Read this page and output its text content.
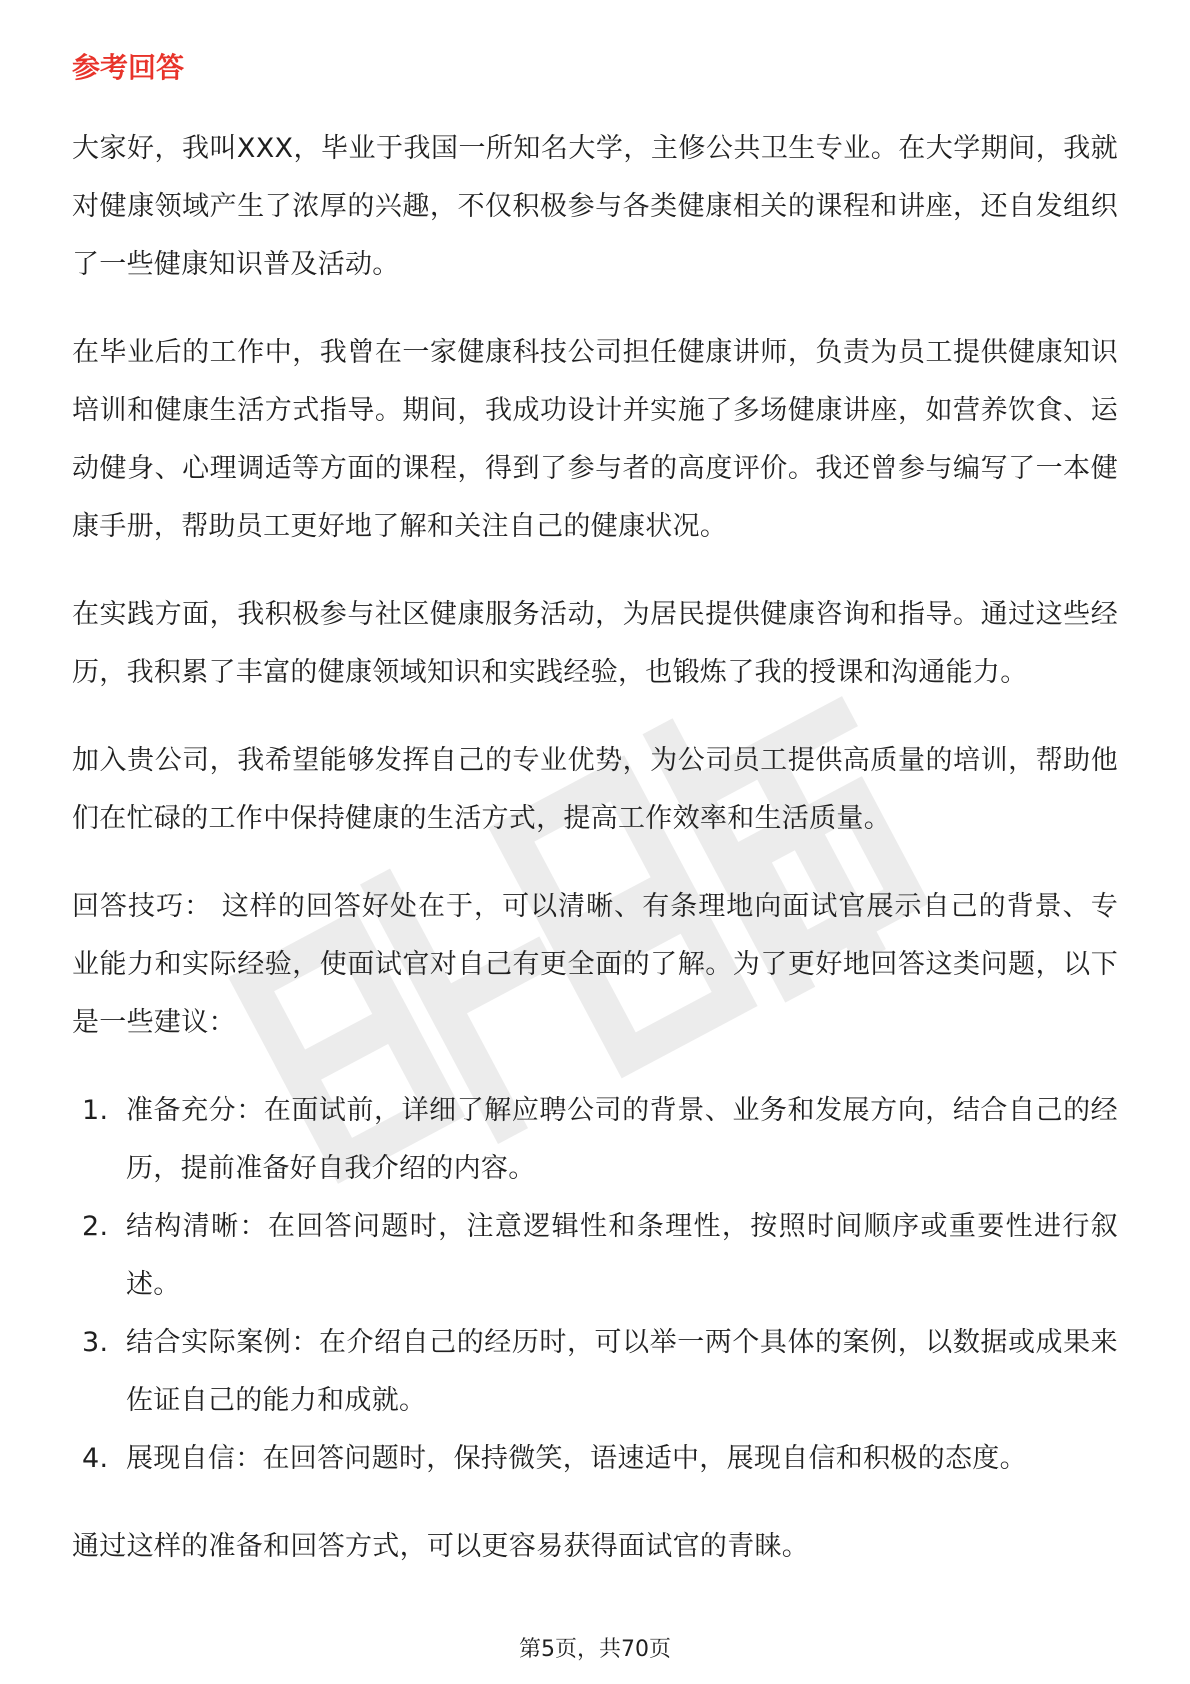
参考回答

大家好，我叫XXX，毕业于我国一所知名大学，主修公共卫生专业。在大学期间，我就对健康领域产生了浓厚的兴趣，不仅积极参与各类健康相关的课程和讲座，还自发组织了一些健康知识普及活动。

在毕业后的工作中，我曾在一家健康科技公司担任健康讲师，负责为员工提供健康知识培训和健康生活方式指导。期间，我成功设计并实施了多场健康讲座，如营养饮食、运动健身、心理调适等方面的课程，得到了参与者的高度评价。我还曾参与编写了一本健康手册，帮助员工更好地了解和关注自己的健康状况。

在实践方面，我积极参与社区健康服务活动，为居民提供健康咨询和指导。通过这些经历，我积累了丰富的健康领域知识和实践经验，也锻炼了我的授课和沟通能力。

加入贵公司，我希望能够发挥自己的专业优势，为公司员工提供高质量的培训，帮助他们在忙碌的工作中保持健康的生活方式，提高工作效率和生活质量。

回答技巧： 这样的回答好处在于，可以清晰、有条理地向面试官展示自己的背景、专业能力和实际经验，使面试官对自己有更全面的了解。为了更好地回答这类问题，以下是一些建议：

1. 准备充分：在面试前，详细了解应聘公司的背景、业务和发展方向，结合自己的经历，提前准备好自我介绍的内容。
2. 结构清晰：在回答问题时，注意逻辑性和条理性，按照时间顺序或重要性进行叙述。
3. 结合实际案例：在介绍自己的经历时，可以举一两个具体的案例，以数据或成果来佐证自己的能力和成就。
4. 展现自信：在回答问题时，保持微笑，语速适中，展现自信和积极的态度。

通过这样的准备和回答方式，可以更容易获得面试官的青睐。

第5页，共70页
